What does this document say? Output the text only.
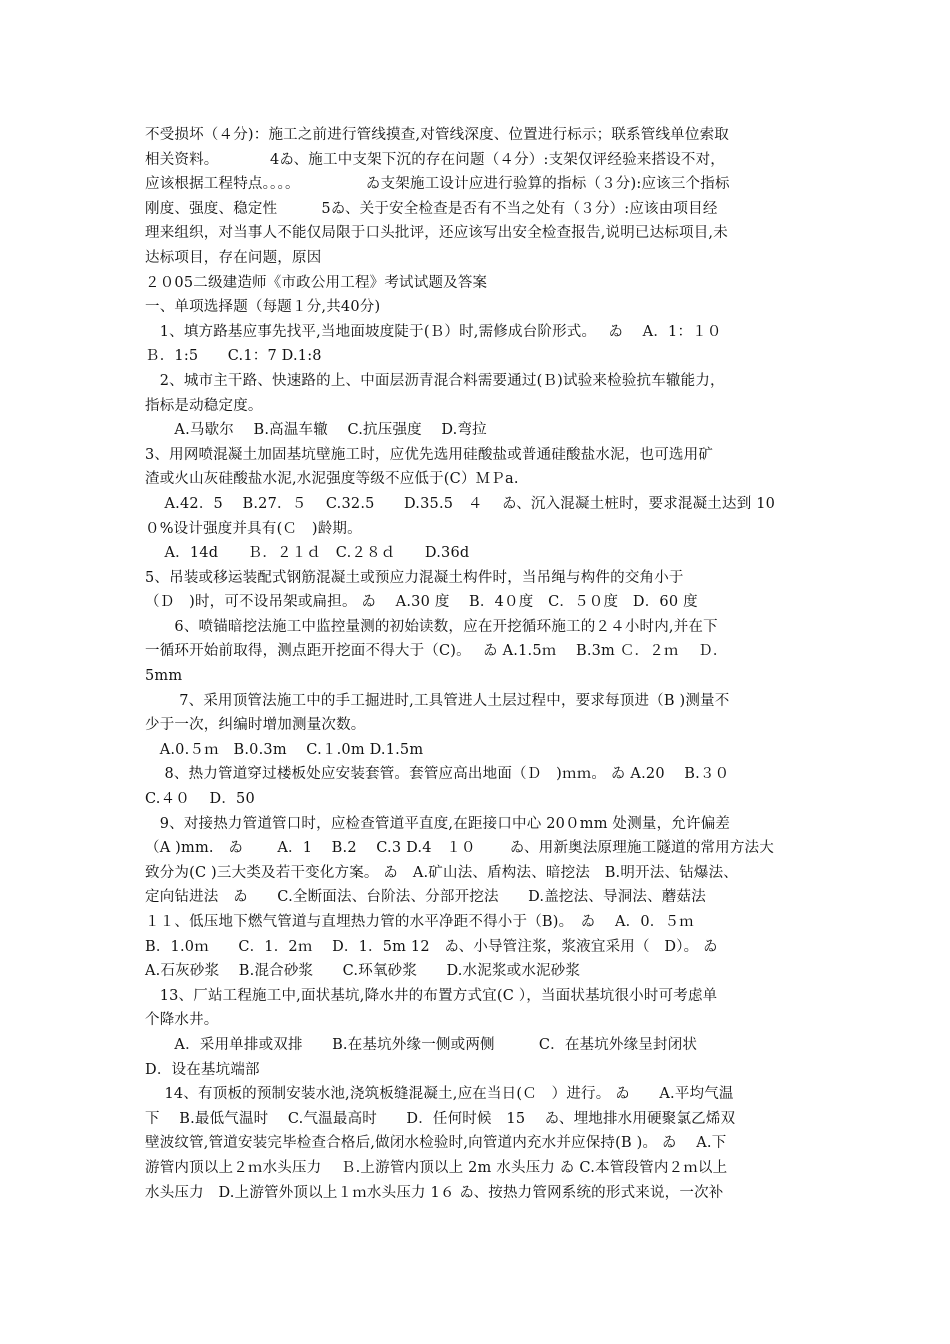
不受损坏（４分)：施工之前进行管线摸查,对管线深度、位置进行标示；联系管线单位索取
相关资料。　　　　4ゐ、施工中支架下沉的存在问题（４分）:支架仅评经验来搭设不对，
应该根据工程特点。。。。　　　　　ゐ支架施工设计应进行验算的指标（３分):应该三个指标
刚度、强度、稳定性　　　5ゐ、关于安全检查是否有不当之处有（３分）:应该由项目经
理来组织，对当事人不能仅局限于口头批评，还应该写出安全检查报告,说明已达标项目,未
达标项目，存在问题，原因
２０05二级建造师《市政公用工程》考试试题及答案
一、单项选择题（每题１分,共40分)
　1、填方路基应事先找平,当地面坡度陡于(Ｂ）时,需修成台阶形式。　 ゐ　 A．1：１０
Ｂ．1:5　　C.1：7 D.1:8
　2、城市主干路、快速路的上、中面层沥青混合料需要通过(Ｂ)试验来检验抗车辙能力，
指标是动稳定度。
　　A.马歇尔　 B.高温车辙　 C.抗压强度　 D.弯拉
3、用网喷混凝土加固基坑壁施工时，应优先选用硅酸盐或普通硅酸盐水泥，也可选用矿
渣或火山灰硅酸盐水泥,水泥强度等级不应低于(C）ＭＰa.
　 A.42．5　 B.27．５　 C.32.5　　D.35.5　４　 ゐ、沉入混凝土桩时，要求混凝土达到 10
０%设计强度并具有(Ｃ　)龄期。
　 A．14d　　Ｂ．２１ｄ　C.２８ｄ　　D.36d
5、吊装或移运装配式钢筋混凝土或预应力混凝土构件时，当吊绳与构件的交角小于
（Ｄ　)时，可不设吊架或扁担。 ゐ　 A.30 度　 B．4０度　C．５０度　D．60 度
　　6、喷锚暗挖法施工中监控量测的初始读数，应在开挖循环施工的２４小时内,并在下
一循环开始前取得，测点距开挖面不得大于（C)。　 ゐ A.1.5ｍ　 B.3m Ｃ．２ｍ　 Ｄ．
5mm
　　 7、采用顶管法施工中的手工掘进时,工具管进人土层过程中，要求每顶进（B )测量不
少于一次，纠编时增加测量次数。
　A.0.５ｍ　B.0.3m　 C.１.0m D.1.5m
　 8、热力管道穿过楼板处应安装套管。套管应高出地面（Ｄ　)ｍｍ。 ゐ A.20　 B.３０
C.４０　 D．50
　9、对接热力管道管口时，应检查管道平直度,在距接口中心 20０mm 处测量，允许偏差
（A )mm.　ゐ　　 A．1　 B.2　 C.3 D.4　１０　　 ゐ、用新奥法原理施工隧道的常用方法大
致分为(C )三大类及若干变化方案。 ゐ　A.矿山法、盾构法、暗挖法　B.明开法、钻爆法、
定向钻进法　ゐ　　C.全断面法、台阶法、分部开挖法　　D.盖挖法、导洞法、蘑菇法
１１、低压地下燃气管道与直埋热力管的水平净距不得小于（B)。　ゐ　 A．0．５ｍ
B．1.0ｍ　　C．1．2ｍ　 D．1．5m 12　ゐ、小导管注浆，浆液宜采用（　D）。 ゐ
A.石灰砂浆　 B.混合砂浆　　C.环氧砂浆　　D.水泥浆或水泥砂浆
　13、厂站工程施工中,面状基坑,降水井的布置方式宜(C ），当面状基坑很小时可考虑单
个降水井。
　　A．采用单排或双排　　B.在基坑外缘一侧或两侧　　　C．在基坑外缘呈封闭状
D．设在基坑端部
　 14、有顶板的预制安装水池,浇筑板缝混凝土,应在当日(Ｃ　）进行。 ゐ　　A.平均气温
下　 B.最低气温时　 C.气温最高时　　D．任何时候　15　 ゐ、埋地排水用硬聚氯乙烯双
壁波纹管,管道安装完毕检查合格后,做闭水检验时,向管道内充水并应保持(B )。 ゐ　 A.下
游管内顶以上２ｍ水头压力　 Ｂ.上游管内顶以上 2m 水头压力 ゐ C.本管段管内２ｍ以上
水头压力　D.上游管外顶以上１ｍ水头压力 1６ ゐ、按热力管网系统的形式来说，一次补
